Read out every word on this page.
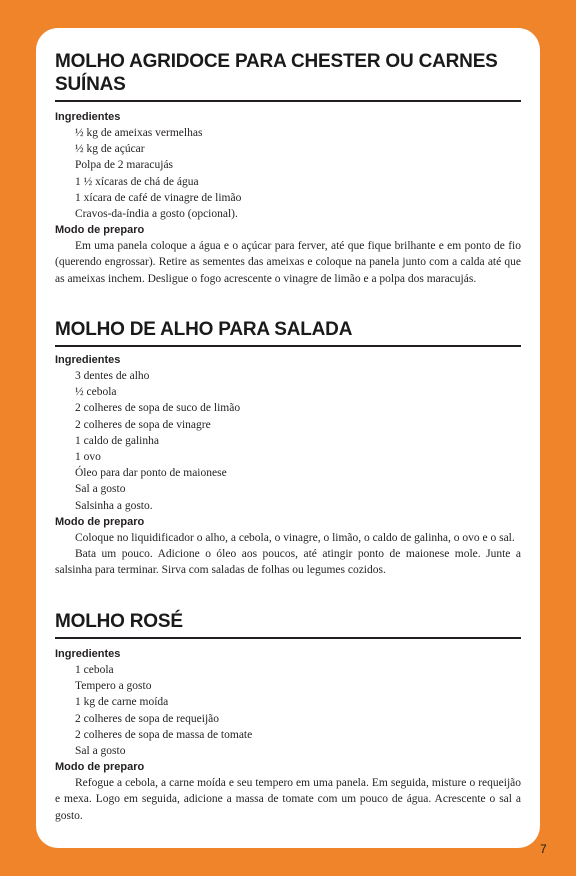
MOLHO AGRIDOCE PARA CHESTER OU CARNES SUÍNAS
Ingredientes
½ kg de ameixas vermelhas
½ kg de açúcar
Polpa de 2 maracujás
1 ½ xícaras de chá de água
1 xícara de café de vinagre de limão
Cravos-da-índia a gosto (opcional).
Modo de preparo

Em uma panela coloque a água e o açúcar para ferver, até que fique brilhante e em ponto de fio (querendo engrossar). Retire as sementes das ameixas e coloque na panela junto com a calda até que as ameixas inchem. Desligue o fogo acrescente o vinagre de limão e a polpa dos maracujás.

MOLHO DE ALHO PARA SALADA
Ingredientes
3 dentes de alho
½ cebola
2 colheres de sopa de suco de limão
2 colheres de sopa de vinagre
1 caldo de galinha
1 ovo
Óleo para dar ponto de maionese
Sal a gosto
Salsinha a gosto.
Modo de preparo

Coloque no liquidificador o alho, a cebola, o vinagre, o limão, o caldo de galinha, o ovo e o sal.

Bata um pouco. Adicione o óleo aos poucos, até atingir ponto de maionese mole. Junte a salsinha para terminar. Sirva com saladas de folhas ou legumes cozidos.

MOLHO ROSÉ
Ingredientes
1 cebola
Tempero a gosto
1 kg de carne moída
2 colheres de sopa de requeijão
2 colheres de sopa de massa de tomate
Sal a gosto
Modo de preparo

Refogue a cebola, a carne moída e seu tempero em uma panela. Em seguida, misture o requeijão e mexa. Logo em seguida, adicione a massa de tomate com um pouco de água. Acrescente o sal a gosto.

7
